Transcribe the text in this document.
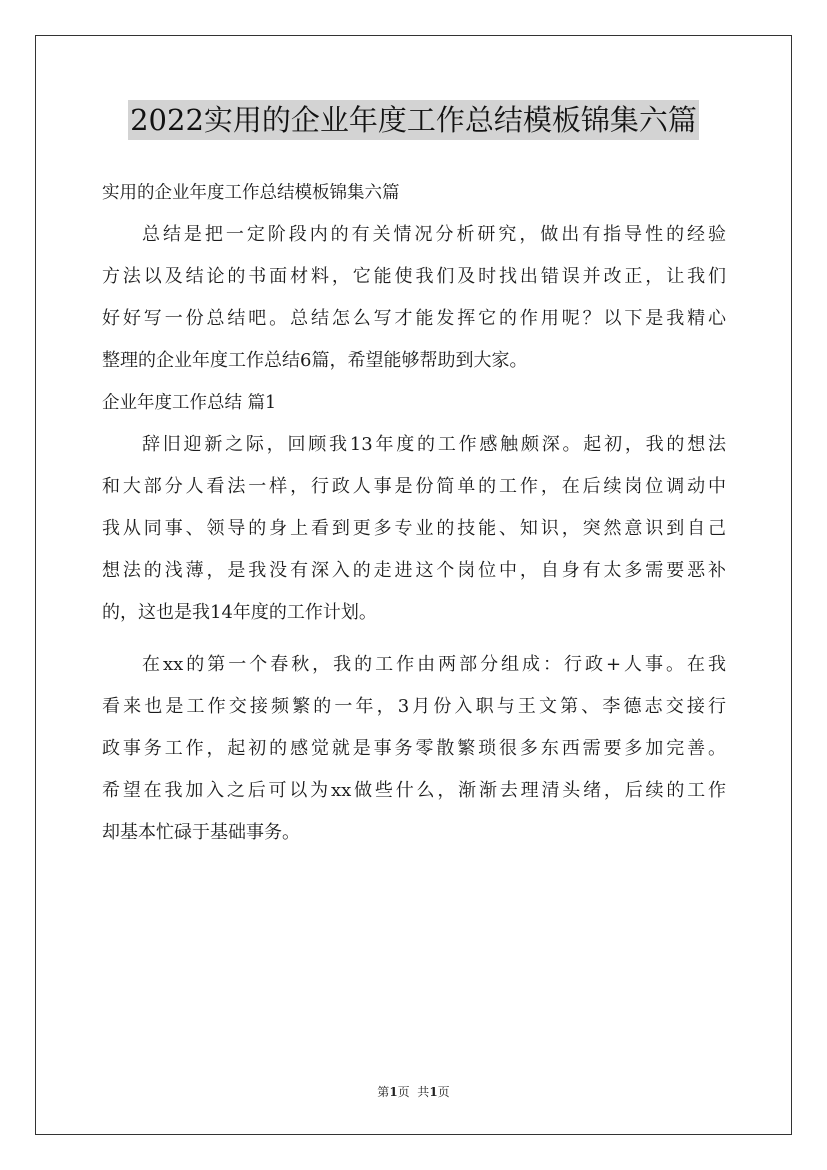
2022实用的企业年度工作总结模板锦集六篇
实用的企业年度工作总结模板锦集六篇
总结是把一定阶段内的有关情况分析研究，做出有指导性的经验
方法以及结论的书面材料，它能使我们及时找出错误并改正，让我们
好好写一份总结吧。总结怎么写才能发挥它的作用呢？以下是我精心
整理的企业年度工作总结6篇，希望能够帮助到大家。
企业年度工作总结 篇1
辞旧迎新之际，回顾我13年度的工作感触颇深。起初，我的想法
和大部分人看法一样，行政人事是份简单的工作，在后续岗位调动中
我从同事、领导的身上看到更多专业的技能、知识，突然意识到自己
想法的浅薄，是我没有深入的走进这个岗位中，自身有太多需要恶补
的，这也是我14年度的工作计划。
在xx的第一个春秋，我的工作由两部分组成：行政+人事。在我
看来也是工作交接频繁的一年，3月份入职与王文第、李德志交接行
政事务工作，起初的感觉就是事务零散繁琐很多东西需要多加完善。
希望在我加入之后可以为xx做些什么，渐渐去理清头绪，后续的工作
却基本忙碌于基础事务。
第1页  共1页
